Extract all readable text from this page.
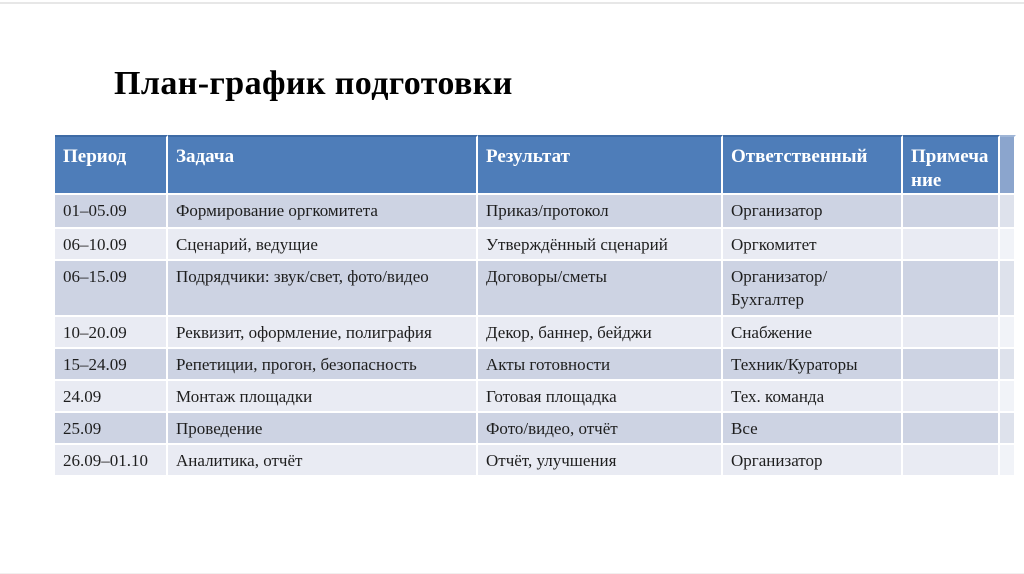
План-график подготовки
Период	Задача	Результат	Ответственный	Примечание	
01–05.09	Формирование оргкомитета	Приказ/протокол	Организатор		
06–10.09	Сценарий, ведущие	Утверждённый сценарий	Оргкомитет		
06–15.09	Подрядчики: звук/свет, фото/видео	Договоры/сметы	Организатор/Бухгалтер		
10–20.09	Реквизит, оформление, полиграфия	Декор, баннер, бейджи	Снабжение		
15–24.09	Репетиции, прогон, безопасность	Акты готовности	Техник/Кураторы		
24.09	Монтаж площадки	Готовая площадка	Тех. команда		
25.09	Проведение	Фото/видео, отчёт	Все		
26.09–01.10	Аналитика, отчёт	Отчёт, улучшения	Организатор		
